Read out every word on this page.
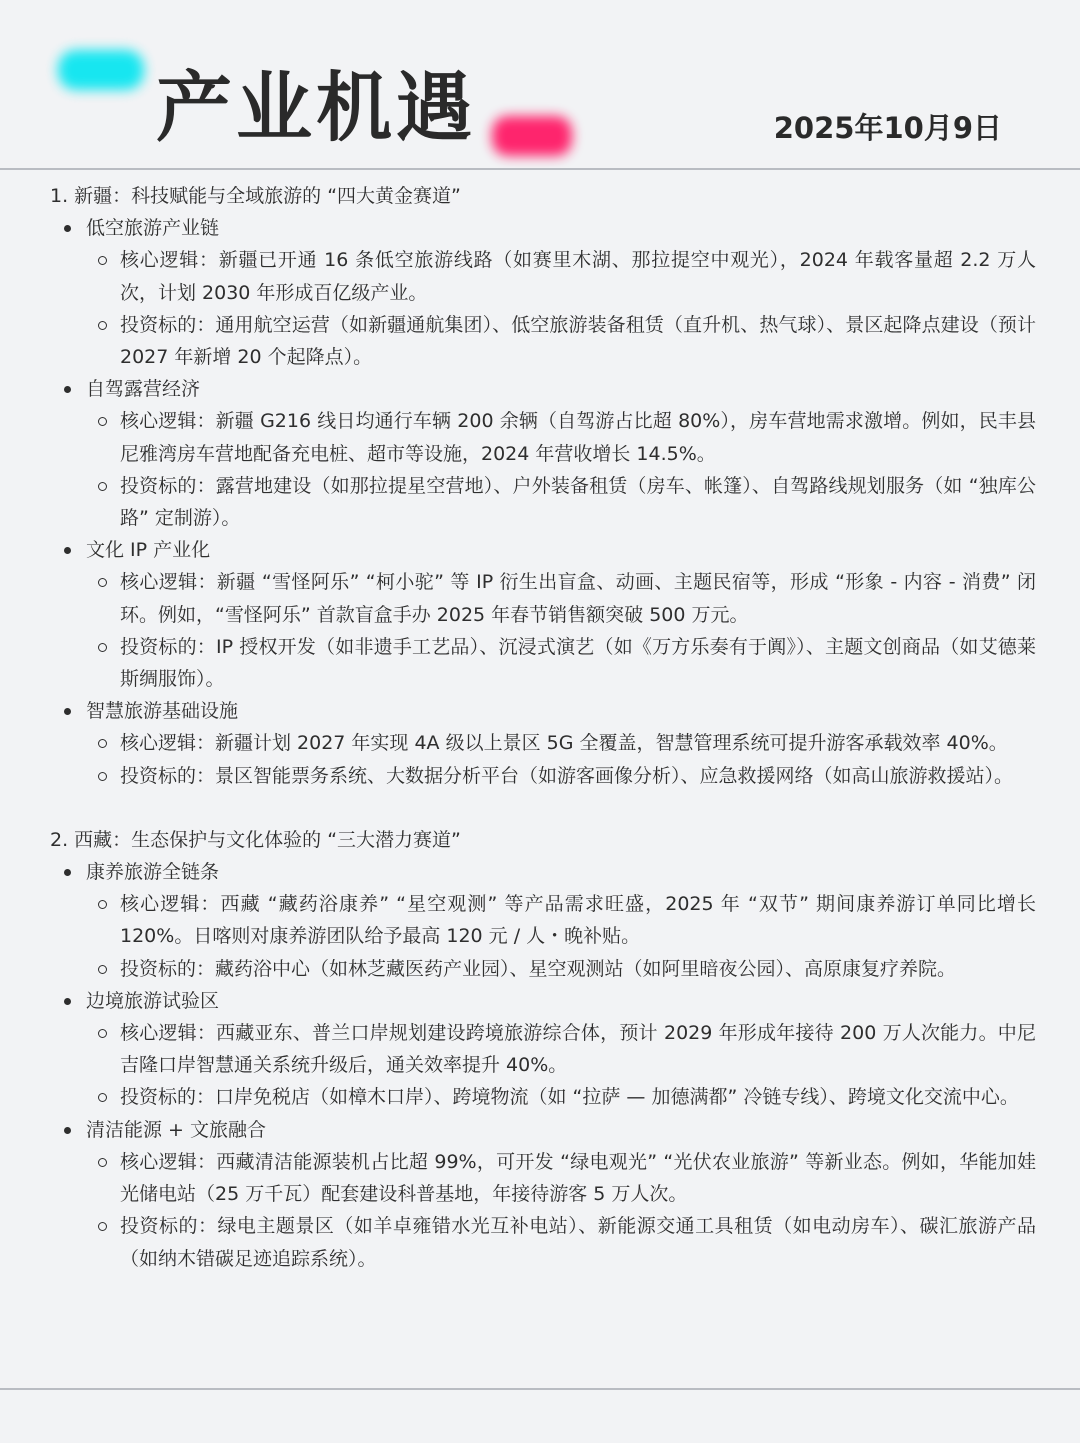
产业机遇	2025年10月9日
1. 新疆：科技赋能与全域旅游的 “四大黄金赛道”
低空旅游产业链
核心逻辑：新疆已开通 16 条低空旅游线路（如赛里木湖、那拉提空中观光），2024 年载客量超 2.2 万人次，计划 2030 年形成百亿级产业。
投资标的：通用航空运营（如新疆通航集团）、低空旅游装备租赁（直升机、热气球）、景区起降点建设（预计 2027 年新增 20 个起降点）。
自驾露营经济
核心逻辑：新疆 G216 线日均通行车辆 200 余辆（自驾游占比超 80%），房车营地需求激增。例如，民丰县尼雅湾房车营地配备充电桩、超市等设施，2024 年营收增长 14.5%。
投资标的：露营地建设（如那拉提星空营地）、户外装备租赁（房车、帐篷）、自驾路线规划服务（如 “独库公路” 定制游）。
文化 IP 产业化
核心逻辑：新疆 “雪怪阿乐” “柯小驼” 等 IP 衍生出盲盒、动画、主题民宿等，形成 “形象 - 内容 - 消费” 闭环。例如，“雪怪阿乐” 首款盲盒手办 2025 年春节销售额突破 500 万元。
投资标的：IP 授权开发（如非遗手工艺品）、沉浸式演艺（如《万方乐奏有于阗》）、主题文创商品（如艾德莱斯绸服饰）。
智慧旅游基础设施
核心逻辑：新疆计划 2027 年实现 4A 级以上景区 5G 全覆盖，智慧管理系统可提升游客承载效率 40%。
投资标的：景区智能票务系统、大数据分析平台（如游客画像分析）、应急救援网络（如高山旅游救援站）。
2. 西藏：生态保护与文化体验的 “三大潜力赛道”
康养旅游全链条
核心逻辑：西藏 “藏药浴康养” “星空观测” 等产品需求旺盛，2025 年 “双节” 期间康养游订单同比增长 120%。日喀则对康养游团队给予最高 120 元 / 人・晚补贴。
投资标的：藏药浴中心（如林芝藏医药产业园）、星空观测站（如阿里暗夜公园）、高原康复疗养院。
边境旅游试验区
核心逻辑：西藏亚东、普兰口岸规划建设跨境旅游综合体，预计 2029 年形成年接待 200 万人次能力。中尼吉隆口岸智慧通关系统升级后，通关效率提升 40%。
投资标的：口岸免税店（如樟木口岸）、跨境物流（如 “拉萨 — 加德满都” 冷链专线）、跨境文化交流中心。
清洁能源 + 文旅融合
核心逻辑：西藏清洁能源装机占比超 99%，可开发 “绿电观光” “光伏农业旅游” 等新业态。例如，华能加娃光储电站（25 万千瓦）配套建设科普基地，年接待游客 5 万人次。
投资标的：绿电主题景区（如羊卓雍错水光互补电站）、新能源交通工具租赁（如电动房车）、碳汇旅游产品（如纳木错碳足迹追踪系统）。
